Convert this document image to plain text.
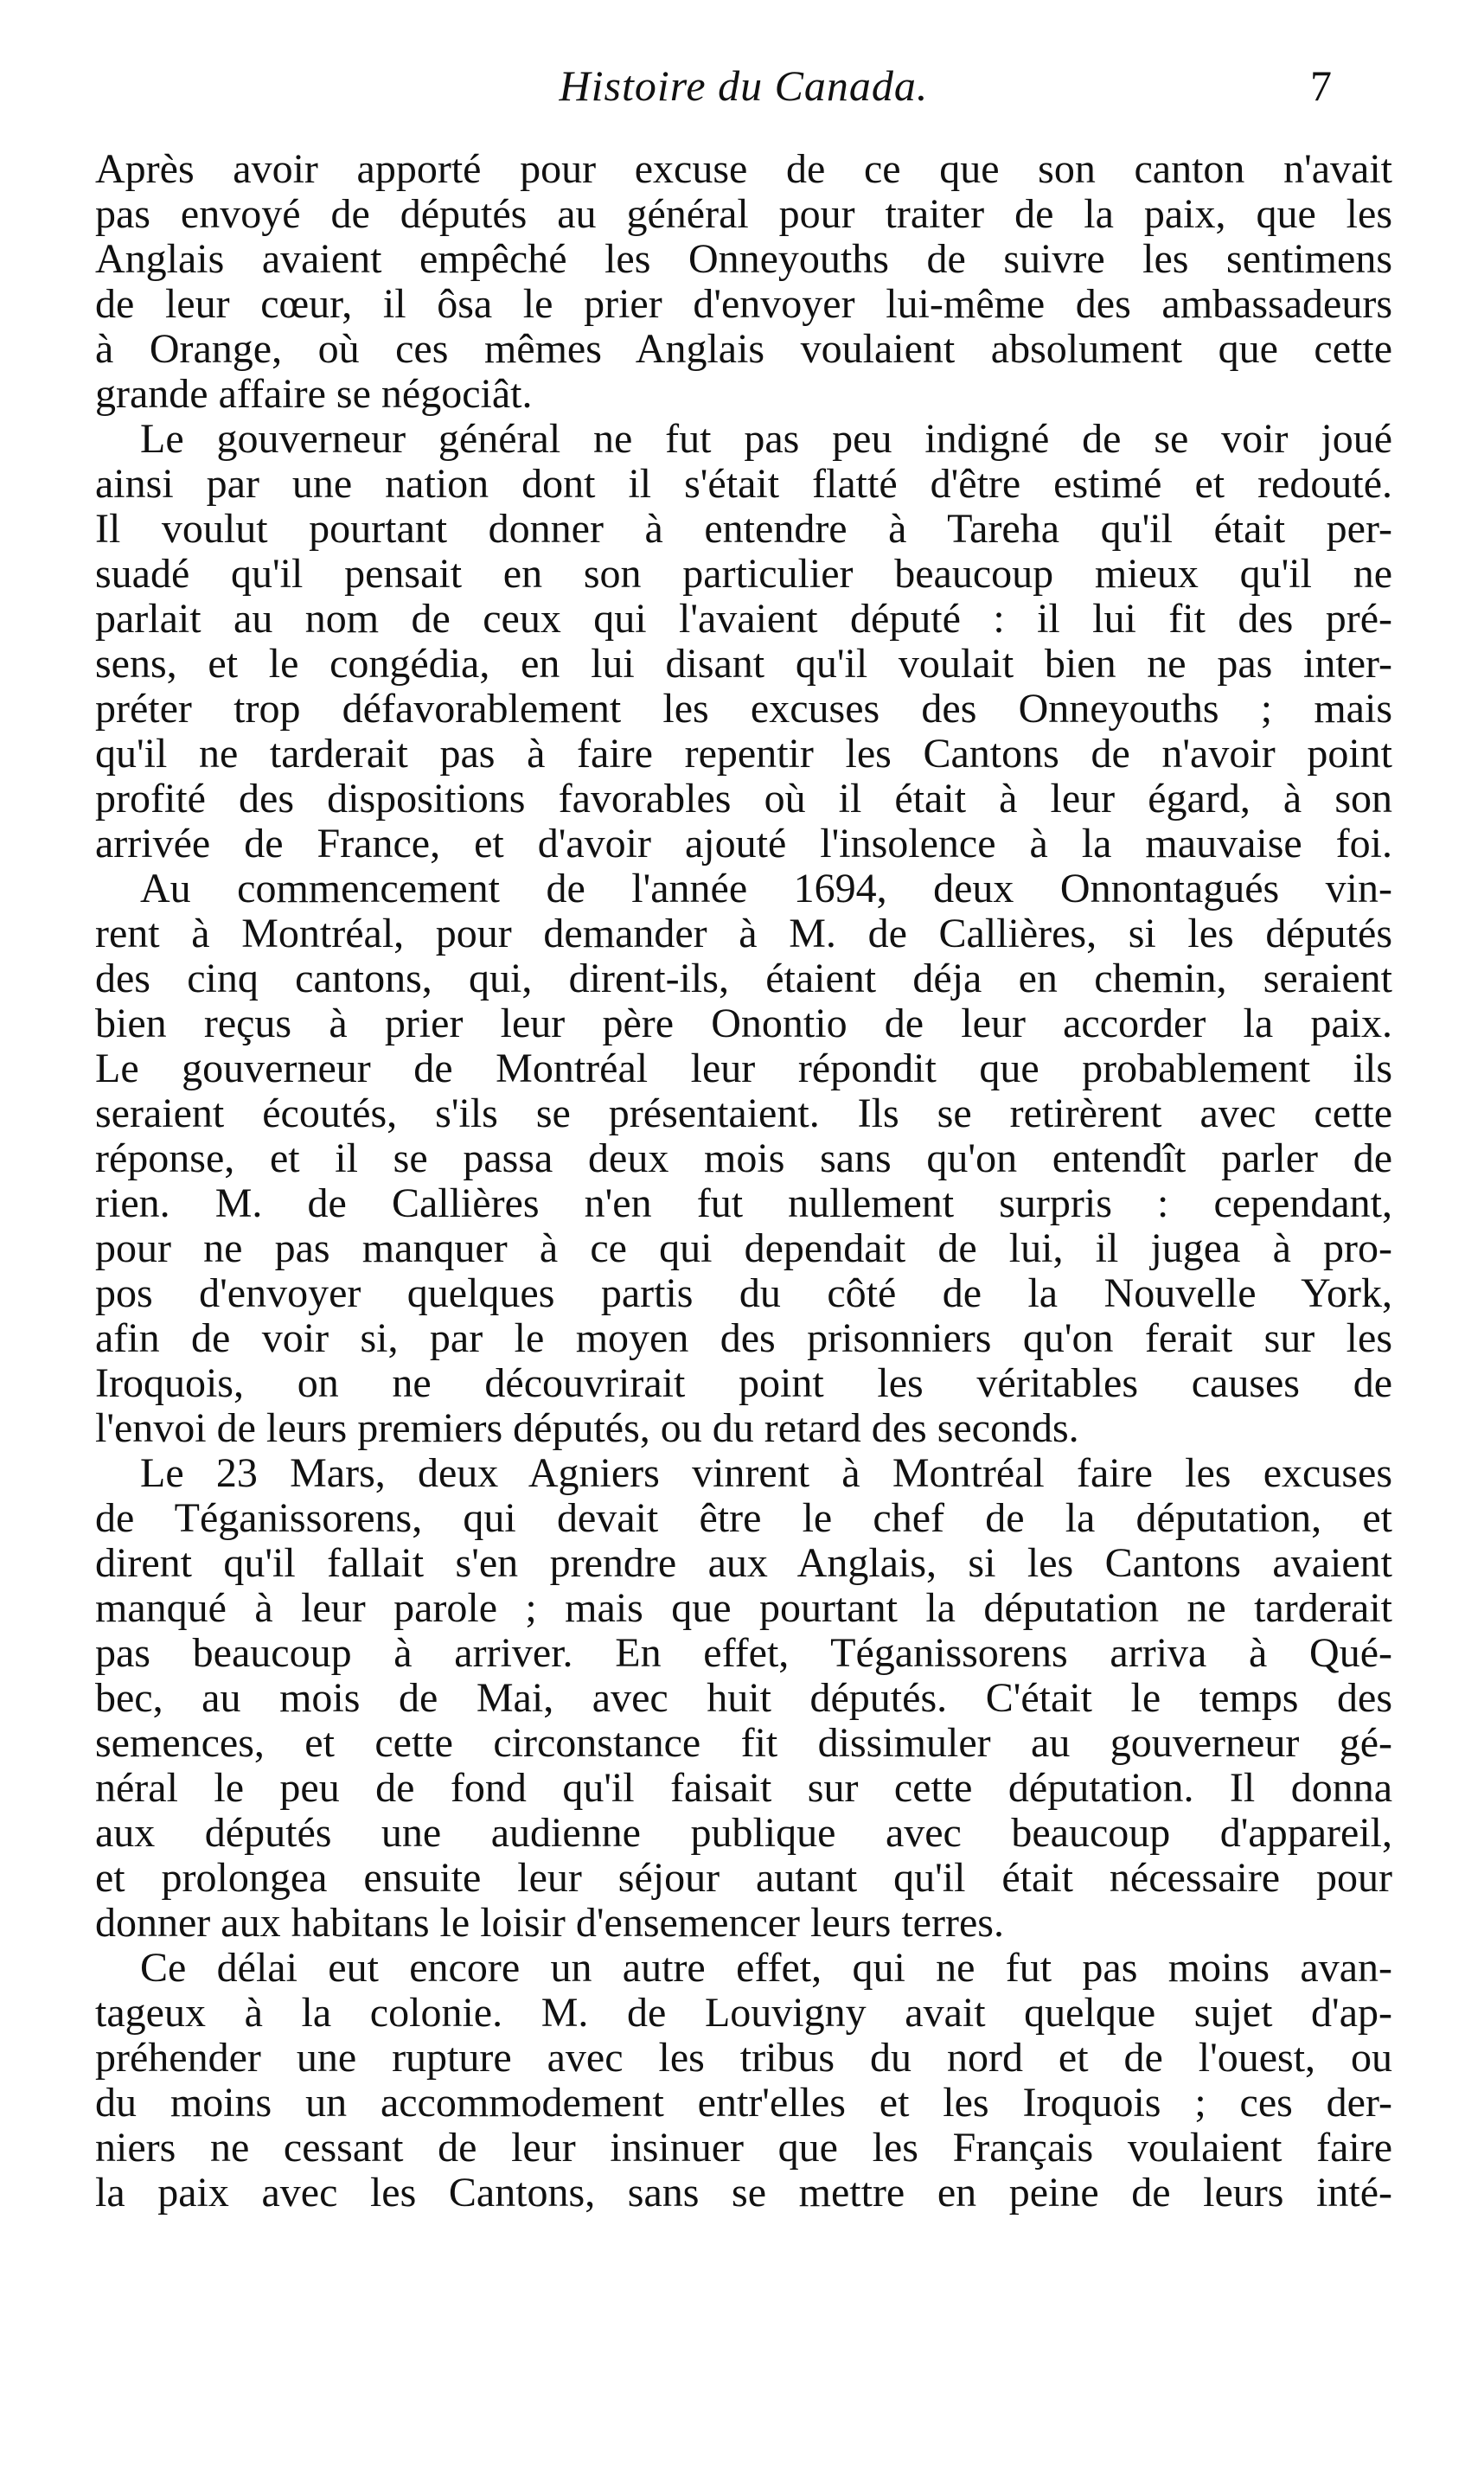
Histoire du Canada.	7

Après avoir apporté pour excuse de ce que son canton n'avait

pas envoyé de députés au général pour traiter de la paix, que les

Anglais avaient empêché les Onneyouths de suivre les sentimens

de leur cœur, il ôsa le prier d'envoyer lui-même des ambassadeurs

à Orange, où ces mêmes Anglais voulaient absolument que cette

grande affaire se négociât.

Le gouverneur général ne fut pas peu indigné de se voir joué

ainsi par une nation dont il s'était flatté d'être estimé et redouté.

Il voulut pourtant donner à entendre à Tareha qu'il était per-

suadé qu'il pensait en son particulier beaucoup mieux qu'il ne

parlait au nom de ceux qui l'avaient député : il lui fit des pré-

sens, et le congédia, en lui disant qu'il voulait bien ne pas inter-

préter trop défavorablement les excuses des Onneyouths ; mais

qu'il ne tarderait pas à faire repentir les Cantons de n'avoir point

profité des dispositions favorables où il était à leur égard, à son

arrivée de France, et d'avoir ajouté l'insolence à la mauvaise foi.

Au commencement de l'année 1694, deux Onnontagués vin-

rent à Montréal, pour demander à M. de Callières, si les députés

des cinq cantons, qui, dirent-ils, étaient déja en chemin, seraient

bien reçus à prier leur père Onontio de leur accorder la paix.

Le gouverneur de Montréal leur répondit que probablement ils

seraient écoutés, s'ils se présentaient. Ils se retirèrent avec cette

réponse, et il se passa deux mois sans qu'on entendît parler de

rien. M. de Callières n'en fut nullement surpris : cependant,

pour ne pas manquer à ce qui dependait de lui, il jugea à pro-

pos d'envoyer quelques partis du côté de la Nouvelle York,

afin de voir si, par le moyen des prisonniers qu'on ferait sur les

Iroquois, on ne découvrirait point les véritables causes de

l'envoi de leurs premiers députés, ou du retard des seconds.

Le 23 Mars, deux Agniers vinrent à Montréal faire les excuses

de Téganissorens, qui devait être le chef de la députation, et

dirent qu'il fallait s'en prendre aux Anglais, si les Cantons avaient

manqué à leur parole ; mais que pourtant la députation ne tarderait

pas beaucoup à arriver. En effet, Téganissorens arriva à Qué-

bec, au mois de Mai, avec huit députés. C'était le temps des

semences, et cette circonstance fit dissimuler au gouverneur gé-

néral le peu de fond qu'il faisait sur cette députation. Il donna

aux députés une audienne publique avec beaucoup d'appareil,

et prolongea ensuite leur séjour autant qu'il était nécessaire pour

donner aux habitans le loisir d'ensemencer leurs terres.

Ce délai eut encore un autre effet, qui ne fut pas moins avan-

tageux à la colonie. M. de Louvigny avait quelque sujet d'ap-

préhender une rupture avec les tribus du nord et de l'ouest, ou

du moins un accommodement entr'elles et les Iroquois ; ces der-

niers ne cessant de leur insinuer que les Français voulaient faire

la paix avec les Cantons, sans se mettre en peine de leurs inté-
